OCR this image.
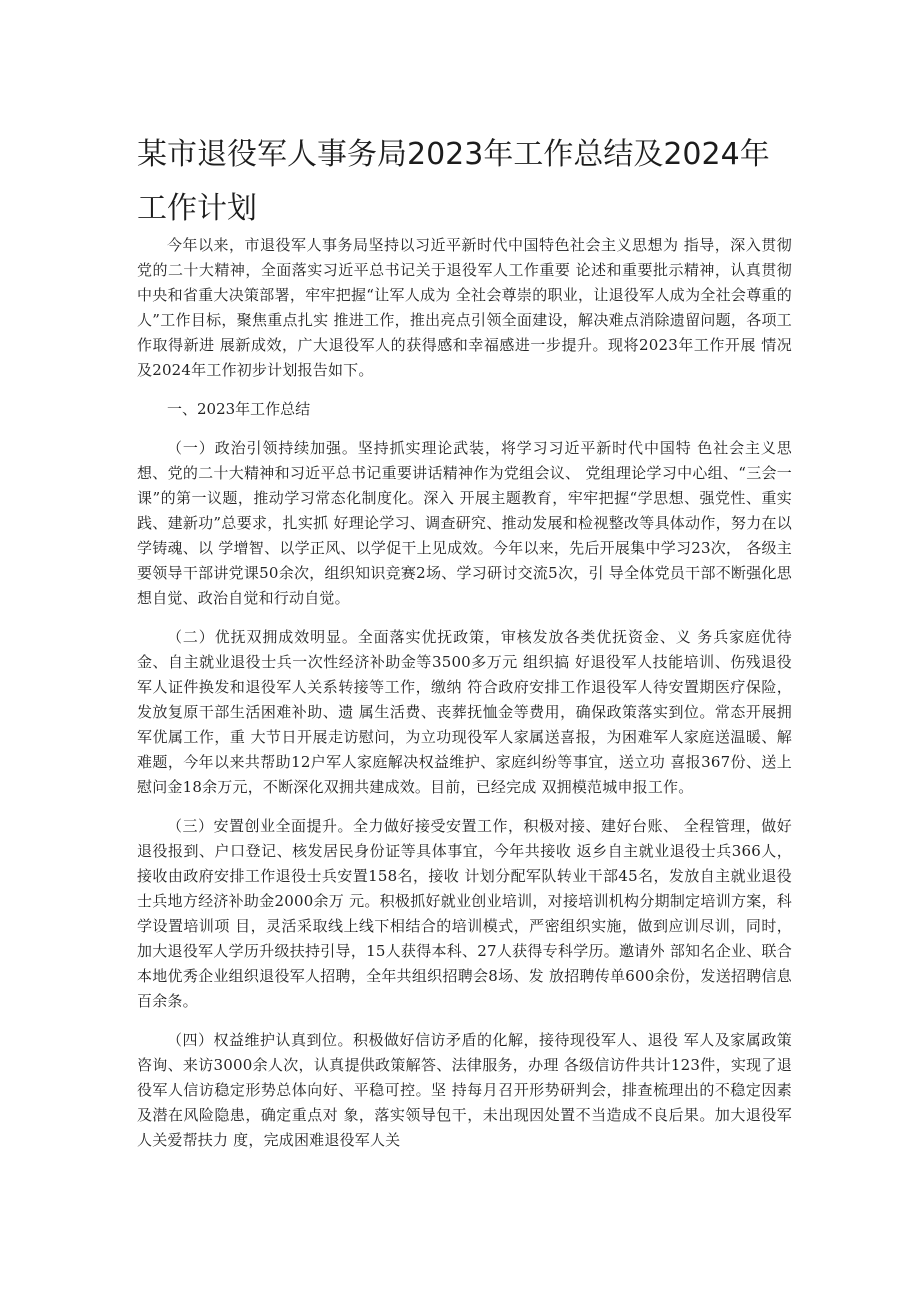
某市退役军人事务局2023年工作总结及2024年工作计划

今年以来，市退役军人事务局坚持以习近平新时代中国特色社会主义思想为 指导，深入贯彻党的二十大精神，全面落实习近平总书记关于退役军人工作重要 论述和重要批示精神，认真贯彻中央和省重大决策部署，牢牢把握“让军人成为 全社会尊崇的职业，让退役军人成为全社会尊重的人”工作目标，聚焦重点扎实 推进工作，推出亮点引领全面建设，解决难点消除遗留问题，各项工作取得新进 展新成效，广大退役军人的获得感和幸福感进一步提升。现将2023年工作开展 情况及2024年工作初步计划报告如下。

一、2023年工作总结

（一）政治引领持续加强。坚持抓实理论武装，将学习习近平新时代中国特 色社会主义思想、党的二十大精神和习近平总书记重要讲话精神作为党组会议、 党组理论学习中心组、“三会一课”的第一议题，推动学习常态化制度化。深入 开展主题教育，牢牢把握“学思想、强党性、重实践、建新功”总要求，扎实抓 好理论学习、调查研究、推动发展和检视整改等具体动作，努力在以学铸魂、以 学增智、以学正风、以学促干上见成效。今年以来，先后开展集中学习23次， 各级主要领导干部讲党课50余次，组织知识竞赛2场、学习研讨交流5次，引 导全体党员干部不断强化思想自觉、政治自觉和行动自觉。

（二）优抚双拥成效明显。全面落实优抚政策，审核发放各类优抚资金、义 务兵家庭优待金、自主就业退役士兵一次性经济补助金等3500多万元 组织搞 好退役军人技能培训、伤残退役军人证件换发和退役军人关系转接等工作，缴纳 符合政府安排工作退役军人待安置期医疗保险，发放复原干部生活困难补助、遗 属生活费、丧葬抚恤金等费用，确保政策落实到位。常态开展拥军优属工作，重 大节日开展走访慰问，为立功现役军人家属送喜报，为困难军人家庭送温暖、解 难题，今年以来共帮助12户军人家庭解决权益维护、家庭纠纷等事宜，送立功 喜报367份、送上慰问金18余万元，不断深化双拥共建成效。目前，已经完成 双拥模范城申报工作。

（三）安置创业全面提升。全力做好接受安置工作，积极对接、建好台账、 全程管理，做好退役报到、户口登记、核发居民身份证等具体事宜，今年共接收 返乡自主就业退役士兵366人，接收由政府安排工作退役士兵安置158名，接收 计划分配军队转业干部45名，发放自主就业退役士兵地方经济补助金2000余万 元。积极抓好就业创业培训，对接培训机构分期制定培训方案，科学设置培训项 目，灵活采取线上线下相结合的培训模式，严密组织实施，做到应训尽训，同时， 加大退役军人学历升级扶持引导，15人获得本科、27人获得专科学历。邀请外 部知名企业、联合本地优秀企业组织退役军人招聘，全年共组织招聘会8场、发 放招聘传单600余份，发送招聘信息百余条。

（四）权益维护认真到位。积极做好信访矛盾的化解，接待现役军人、退役 军人及家属政策咨询、来访3000余人次，认真提供政策解答、法律服务，办理 各级信访件共计123件，实现了退役军人信访稳定形势总体向好、平稳可控。坚 持每月召开形势研判会，排查梳理出的不稳定因素及潜在风险隐患，确定重点对 象，落实领导包干，未出现因处置不当造成不良后果。加大退役军人关爱帮扶力 度，完成困难退役军人关
